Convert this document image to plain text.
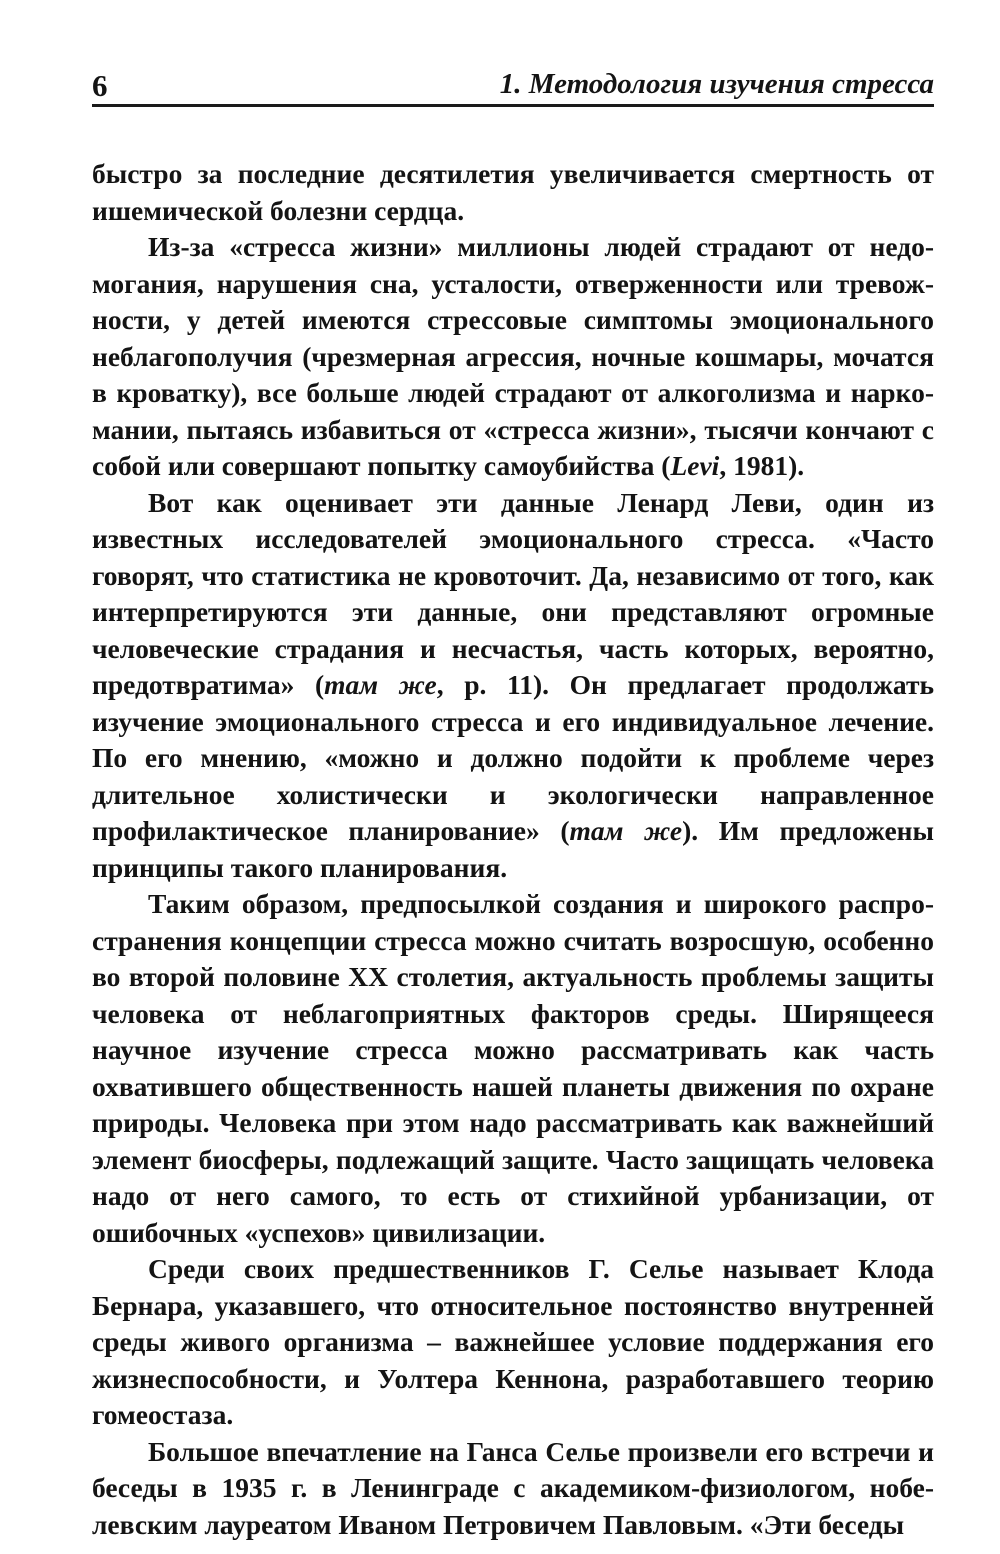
6	1. Методология изучения стресса

быстро за последние десятилетия увеличивается смертность от ишемической болезни сердца.

Из-за «стресса жизни» миллионы людей страдают от недомогания, нарушения сна, усталости, отверженности или тревожности, у детей имеются стрессовые симптомы эмоционального неблагополучия (чрезмерная агрессия, ночные кошмары, мочатся в кроватку), все больше людей страдают от алкоголизма и наркомании, пытаясь избавиться от «стресса жизни», тысячи кончают с собой или совершают попытку самоубийства (Levi, 1981).

Вот как оценивает эти данные Ленард Леви, один из известных исследователей эмоционального стресса. «Часто говорят, что статистика не кровоточит. Да, независимо от того, как интерпретируются эти данные, они представляют огромные человеческие страдания и несчастья, часть которых, вероятно, предотвратима» (там же, p. 11). Он предлагает продолжать изучение эмоционального стресса и его индивидуальное лечение. По его мнению, «можно и должно подойти к проблеме через длительное холистически и экологически направленное профилактическое планирование» (там же). Им предложены принципы такого планирования.

Таким образом, предпосылкой создания и широкого распространения концепции стресса можно считать возросшую, особенно во второй половине XX столетия, актуальность проблемы защиты человека от неблагоприятных факторов среды. Ширящееся научное изучение стресса можно рассматривать как часть охватившего общественность нашей планеты движения по охране природы. Человека при этом надо рассматривать как важнейший элемент биосферы, подлежащий защите. Часто защищать человека надо от него самого, то есть от стихийной урбанизации, от ошибочных «успехов» цивилизации.

Среди своих предшественников Г. Селье называет Клода Бернара, указавшего, что относительное постоянство внутренней среды живого организма – важнейшее условие поддержания его жизнеспособности, и Уолтера Кеннона, разработавшего теорию гомеостаза.

Большое впечатление на Ганса Селье произвели его встречи и беседы в 1935 г. в Ленинграде с академиком-физиологом, нобелевским лауреатом Иваном Петровичем Павловым. «Эти беседы
